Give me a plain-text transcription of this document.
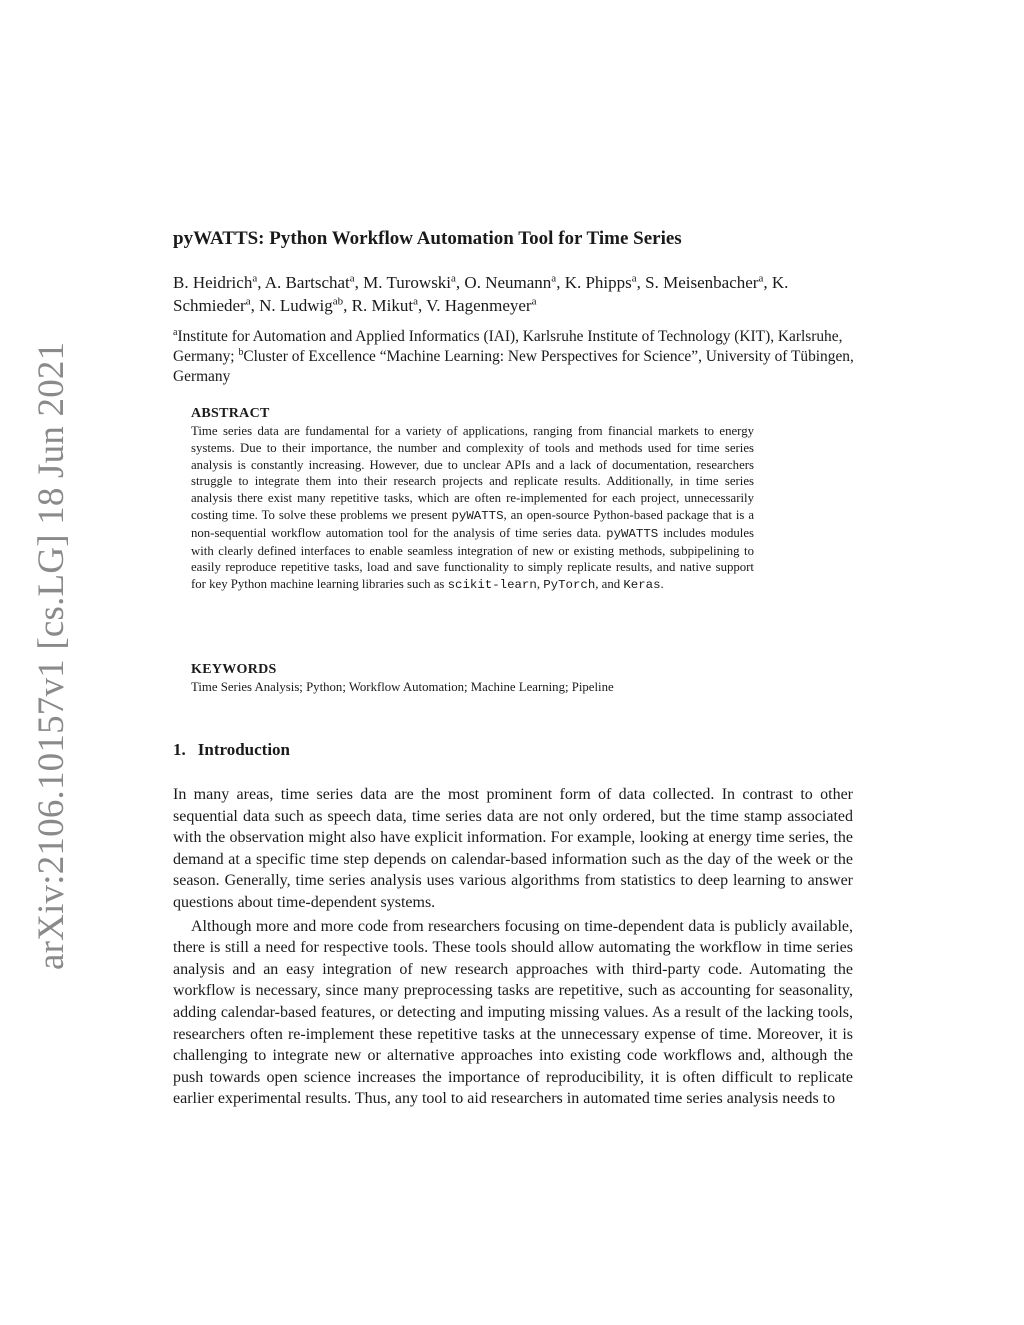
arXiv:2106.10157v1 [cs.LG] 18 Jun 2021
pyWATTS: Python Workflow Automation Tool for Time Series
B. Heidrich$^a$, A. Bartschat$^a$, M. Turowski$^a$, O. Neumann$^a$, K. Phipps$^a$, S. Meisenbacher$^a$, K. Schmieder$^a$, N. Ludwig$^{ab}$, R. Mikut$^a$, V. Hagenmeyer$^a$
$^a$Institute for Automation and Applied Informatics (IAI), Karlsruhe Institute of Technology (KIT), Karlsruhe, Germany; $^b$Cluster of Excellence “Machine Learning: New Perspectives for Science”, University of Tübingen, Germany

ABSTRACT

Time series data are fundamental for a variety of applications, ranging from financial markets to energy systems. Due to their importance, the number and complexity of tools and methods used for time series analysis is constantly increasing. However, due to unclear APIs and a lack of documentation, researchers struggle to integrate them into their research projects and replicate results. Additionally, in time series analysis there exist many repetitive tasks, which are often re-implemented for each project, unnecessarily costing time. To solve these problems we present pyWATTS, an open-source Python-based package that is a non-sequential workflow automation tool for the analysis of time series data. pyWATTS includes modules with clearly defined interfaces to enable seamless integration of new or existing methods, subpipelining to easily reproduce repetitive tasks, load and save functionality to simply replicate results, and native support for key Python machine learning libraries such as scikit-learn, PyTorch, and Keras.

KEYWORDS

Time Series Analysis; Python; Workflow Automation; Machine Learning; Pipeline

1. Introduction

In many areas, time series data are the most prominent form of data collected. In contrast to other sequential data such as speech data, time series data are not only ordered, but the time stamp associated with the observation might also have explicit information. For example, looking at energy time series, the demand at a specific time step depends on calendar-based information such as the day of the week or the season. Generally, time series analysis uses various algorithms from statistics to deep learning to answer questions about time-dependent systems.

Although more and more code from researchers focusing on time-dependent data is publicly available, there is still a need for respective tools. These tools should allow automating the workflow in time series analysis and an easy integration of new research approaches with third-party code. Automating the workflow is necessary, since many preprocessing tasks are repetitive, such as accounting for seasonality, adding calendar-based features, or detecting and imputing missing values. As a result of the lacking tools, researchers often re-implement these repetitive tasks at the unnecessary expense of time. Moreover, it is challenging to integrate new or alternative approaches into existing code workflows and, although the push towards open science increases the importance of reproducibility, it is often difficult to replicate earlier experimental results. Thus, any tool to aid researchers in automated time series analysis needs to
